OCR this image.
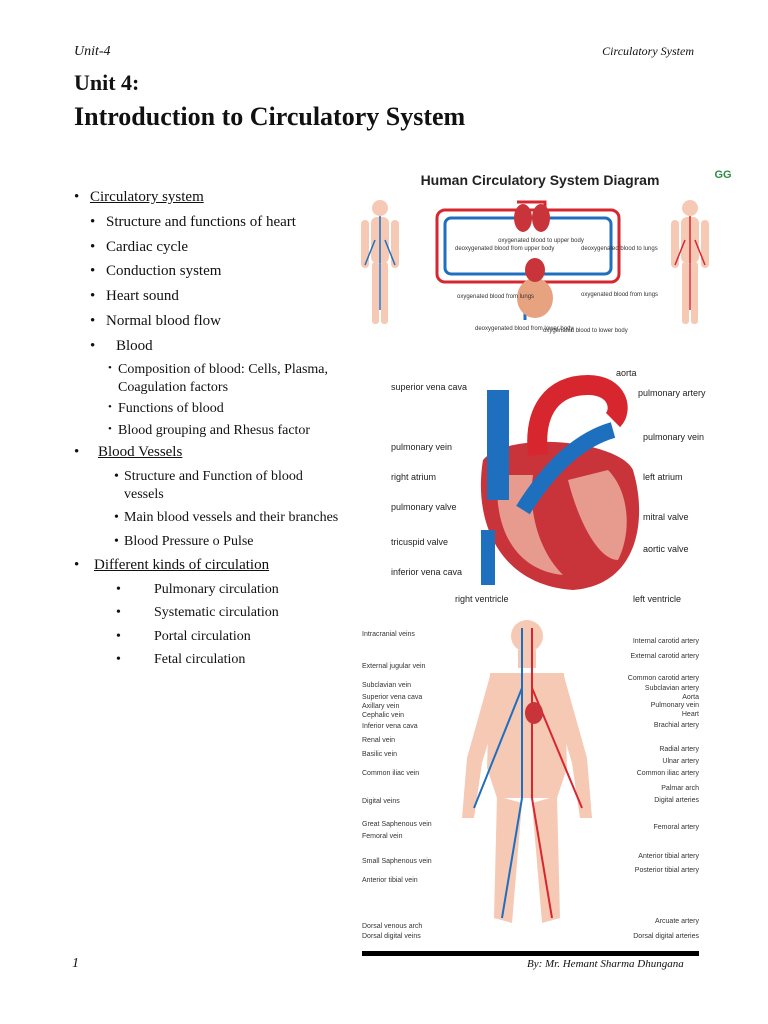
Unit-4	Circulatory System
Unit 4:
Introduction to Circulatory System
• Circulatory system
• Structure and functions of heart
• Cardiac cycle
• Conduction system
• Heart sound
• Normal blood flow
• Blood
• Composition of blood: Cells, Plasma, Coagulation factors
• Functions of blood
• Blood grouping and Rhesus factor
• Blood Vessels
• Structure and Function of blood vessels
• Main blood vessels and their branches
• Blood Pressure o Pulse
• Different kinds of circulation
• Pulmonary circulation
• Systematic circulation
• Portal circulation
• Fetal circulation
Human Circulatory System Diagram	GG
oxygenated blood to upper body
deoxygenated blood from upper body	deoxygenated blood to lungs
oxygenated blood from lungs	oxygenated blood from lungs
deoxygenated blood from lower body
oxygenated blood to lower body
superior vena cava
pulmonary vein
right atrium
pulmonary valve
tricuspid valve
inferior vena cava
right ventricle
aorta
pulmonary artery
pulmonary vein
left atrium
mitral valve
aortic valve
left ventricle
Intracranial veins
External jugular vein
Subclavian vein
Superior vena cava
Axillary vein
Cephalic vein
Inferior vena cava
Renal vein
Basilic vein
Common iliac vein
Digital veins
Great Saphenous vein
Femoral vein
Small Saphenous vein
Anterior tibial vein
Dorsal venous arch
Dorsal digital veins
Internal carotid artery
External carotid artery
Common carotid artery
Subclavian artery
Aorta
Pulmonary vein
Heart
Brachial artery
Radial artery
Ulnar artery
Common iliac artery
Palmar arch
Digital arteries
Femoral artery
Anterior tibial artery
Posterior tibial artery
Arcuate artery
Dorsal digital arteries
1	By: Mr. Hemant Sharma Dhungana
